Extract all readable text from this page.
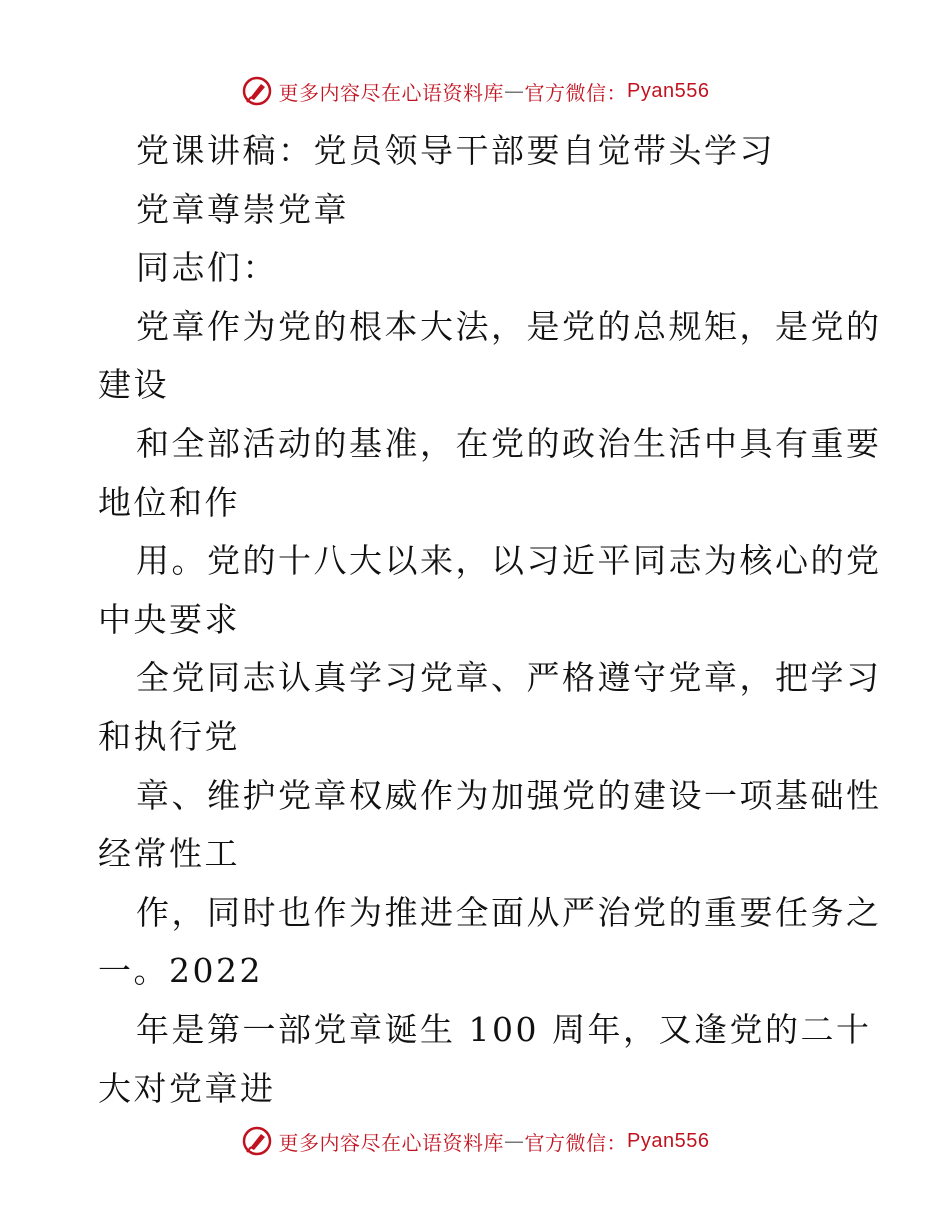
更多内容尽在心语资料库 — 官方微信： Pyan556
党课讲稿：党员领导干部要自觉带头学习
党章尊崇党章
同志们：
党章作为党的根本大法，是党的总规矩，是党的
建设
和全部活动的基准，在党的政治生活中具有重要
地位和作
用。党的十八大以来，以习近平同志为核心的党
中央要求
全党同志认真学习党章、严格遵守党章，把学习
和执行党
章、维护党章权威作为加强党的建设一项基础性
经常性工
作，同时也作为推进全面从严治党的重要任务之
一。2022
年是第一部党章诞生 100 周年，又逢党的二十
大对党章进
更多内容尽在心语资料库 — 官方微信： Pyan556
